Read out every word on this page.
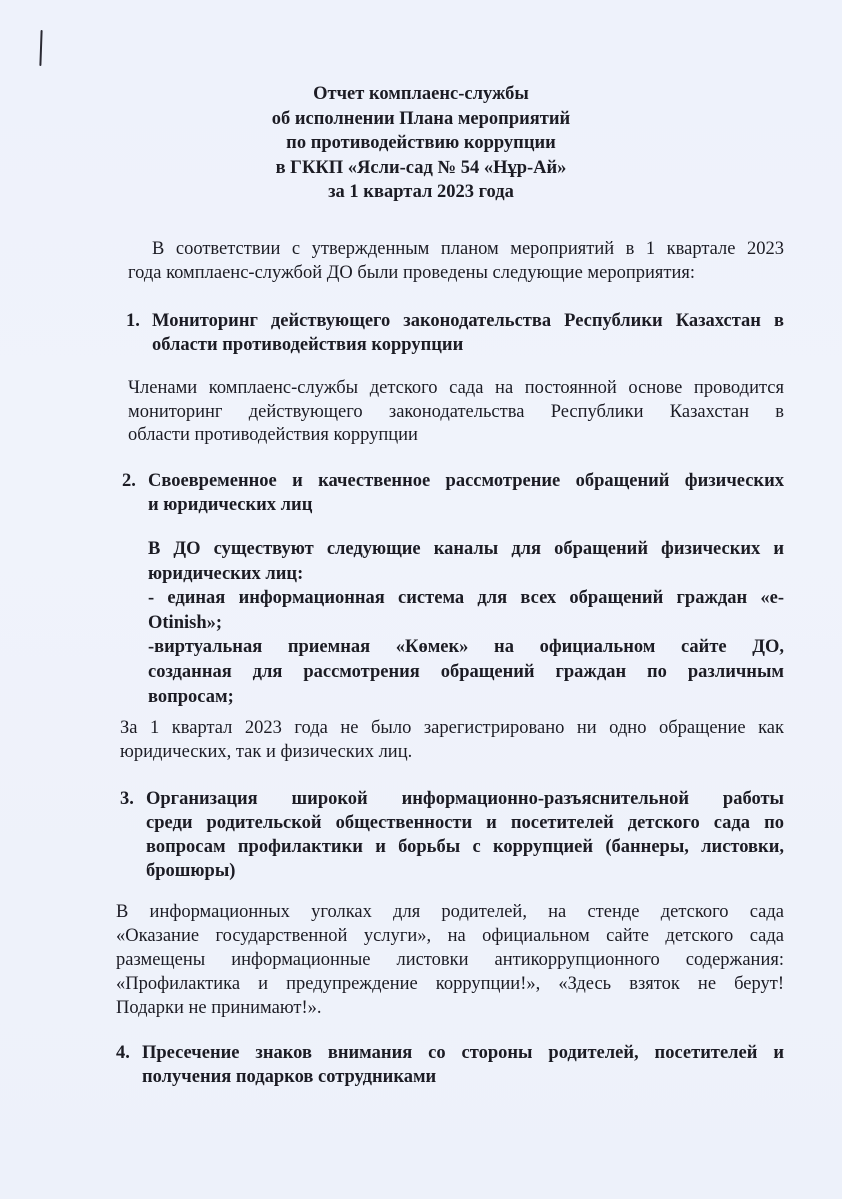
Отчет комплаенс-службы
об исполнении Плана мероприятий
по противодействию коррупции
в ГККП «Ясли-сад № 54 «Нұр-Ай»
за 1 квартал 2023 года
В соответствии с утвержденным планом мероприятий в 1 квартале 2023
года комплаенс-службой ДО были проведены следующие мероприятия:
1. Мониторинг действующего законодательства Республики Казахстан в
области противодействия коррупции
Членами комплаенс-службы детского сада на постоянной основе проводится
мониторинг действующего законодательства Республики Казахстан в
области противодействия коррупции
2. Своевременное и качественное рассмотрение обращений физических
и юридических лиц
В ДО существуют следующие каналы для обращений физических и
юридических лиц:
- единая информационная система для всех обращений граждан «е-
Otinish»;
-виртуальная приемная «Көмек» на официальном сайте ДО,
созданная для рассмотрения обращений граждан по различным
вопросам;
За 1 квартал 2023 года не было зарегистрировано ни одно обращение как
юридических, так и физических лиц.
3. Организация широкой информационно-разъяснительной работы
среди родительской общественности и посетителей детского сада по
вопросам профилактики и борьбы с коррупцией (баннеры, листовки,
брошюры)
В информационных уголках для родителей, на стенде детского сада
«Оказание государственной услуги», на официальном сайте детского сада
размещены информационные листовки антикоррупционного содержания:
«Профилактика и предупреждение коррупции!», «Здесь взяток не берут!
Подарки не принимают!».
4. Пресечение знаков внимания со стороны родителей, посетителей и
получения подарков сотрудниками
